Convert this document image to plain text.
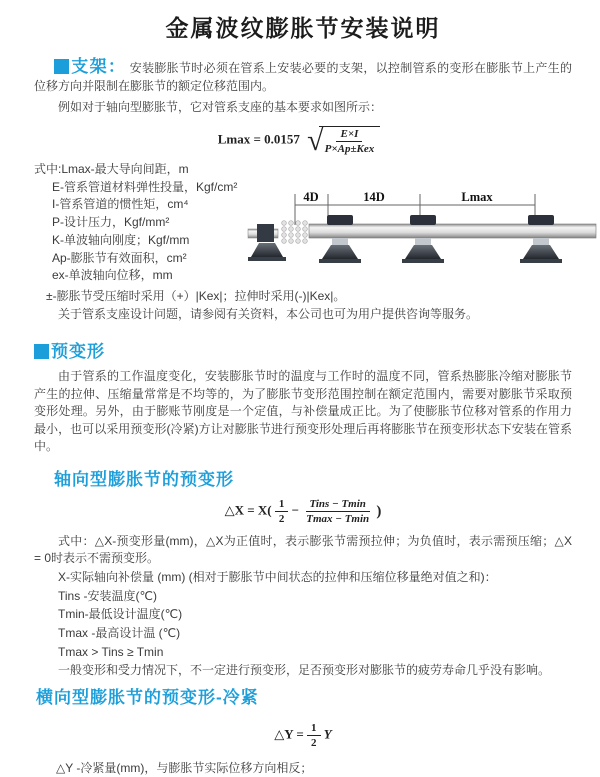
金属波纹膨胀节安装说明

支架： 安装膨胀节时必须在管系上安装必要的支架，以控制管系的变形在膨胀节上产生的位移方向并限制在膨胀节的额定位移范围内。

例如对于轴向型膨胀节，它对管系支座的基本要求如图所示：

Lmax = 0.0157 √
$\frac{E\times I}{\text{P×Ap±Kex}}$
式中:Lmax-最大导向间距，m
E-管系管道材料弹性投量，Kgf/cm²
I-管系管道的惯性矩，cm⁴
P-设计压力，Kgf/mm²
K-单波轴向刚度；Kgf/mm
Ap-膨胀节有效面积，cm²
ex-单波轴向位移，mm
4D	14D	Lmax

±-膨胀节受压缩时采用（+）|Kex|；拉伸时采用(-)|Kex|。

关于管系支座设计问题，请参阅有关资料，本公司也可为用户提供咨询等服务。

预变形

由于管系的工作温度变化，安装膨胀节时的温度与工作时的温度不同，管系热膨胀冷缩对膨胀节产生的拉伸、压缩量常常是不均等的，为了膨胀节变形范围控制在额定范围内，需要对膨胀节采取预变形处理。另外，由于膨账节刚度是一个定值，与补偿量成正比。为了使膨胀节位移对管系的作用力最小，也可以采用预变形(冷紧)方让对膨胀节进行预变形处理后再将膨胀节在预变形状态下安装在管系中。

轴向型膨胀节的预变形

△X = $X( \frac{1}{2} - \frac{\text{Tins − Tmin}}{Tmax - Tmin}$ )

式中：△X-预变形量(mm)，△X为正值时，表示膨张节需预拉伸；为负值时，表示需预压缩；△X = 0时表示不需预变形。

X-实际轴向补偿量 (mm) (相对于膨胀节中间状态的拉伸和压缩位移量绝对值之和)：
Tins -安装温度(℃)
Tmin-最低设计温度(℃)
Tmax -最高设计温 (℃)
Tmax > Tins ≥ Tmin

一般变形和受力情况下，不一定进行预变形，足否预变形对膨胀节的疲劳寿命几乎没有影响。

横向型膨胀节的预变形-冷紧

△Y = $\frac{1}{2}$ Y

△Y -冷紧量(mm)，与膨胀节实际位移方向相反；
